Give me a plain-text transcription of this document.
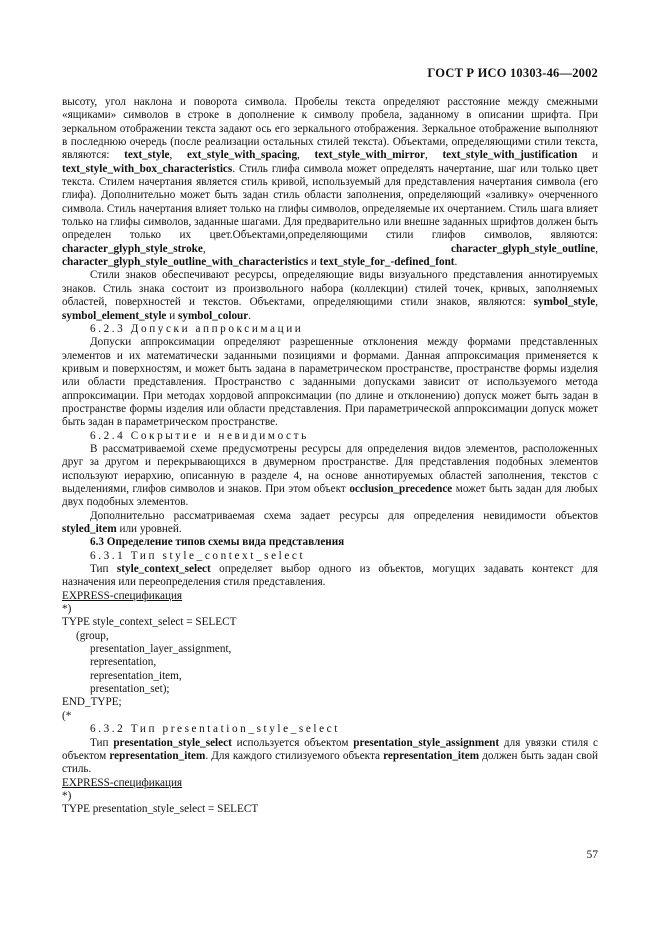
ГОСТ Р ИСО 10303-46—2002

высоту, угол наклона и поворота символа. Пробелы текста определяют расстояние между смежными «ящиками» символов в строке в дополнение к символу пробела, заданному в описании шрифта. При зеркальном отображении текста задают ось его зеркального отображения. Зеркальное отображение выполняют в последнюю очередь (после реализации остальных стилей текста). Объектами, определяющими стили текста, являются: text_style, ext_style_with_spacing, text_style_with_mirror, text_style_with_justification и text_style_with_box_characteristics. Стиль глифа символа может определять начертание, шаг или только цвет текста. Стилем начертания является стиль кривой, используемый для представления начертания символа (его глифа). Дополнительно может быть задан стиль области заполнения, определяющий «заливку» очерченного символа. Стиль начертания влияет только на глифы символов, определяемые их очертанием. Стиль шага влияет только на глифы символов, заданные шагами. Для предварительно или внешне заданных шрифтов должен быть определен только их цвет.Объектами,определяющими стили глифов символов, являются: character_glyph_style_stroke, character_glyph_style_outline, character_glyph_style_outline_with_characteristics и text_style_for_-defined_font.

Стили знаков обеспечивают ресурсы, определяющие виды визуального представления аннотируемых знаков. Стиль знака состоит из произвольного набора (коллекции) стилей точек, кривых, заполняемых областей, поверхностей и текстов. Объектами, определяющими стили знаков, являются: symbol_style, symbol_element_style и symbol_colour.

6.2.3 Допуски аппроксимации

Допуски аппроксимации определяют разрешенные отклонения между формами представленных элементов и их математически заданными позициями и формами. Данная аппроксимация применяется к кривым и поверхностям, и может быть задана в параметрическом пространстве, пространстве формы изделия или области представления. Пространство с заданными допусками зависит от используемого метода аппроксимации. При методах хордовой аппроксимации (по длине и отклонению) допуск может быть задан в пространстве формы изделия или области представления. При параметрической аппроксимации допуск может быть задан в параметрическом пространстве.

6.2.4 Сокрытие и невидимость

В рассматриваемой схеме предусмотрены ресурсы для определения видов элементов, расположенных друг за другом и перекрывающихся в двумерном пространстве. Для представления подобных элементов используют иерархию, описанную в разделе 4, на основе аннотируемых областей заполнения, текстов с выделениями, глифов символов и знаков. При этом объект occlusion_precedence может быть задан для любых двух подобных элементов.

Дополнительно рассматриваемая схема задает ресурсы для определения невидимости объектов styled_item или уровней.

6.3 Определение типов схемы вида представления

6.3.1 Тип style_context_select

Тип style_context_select определяет выбор одного из объектов, могущих задавать контекст для назначения или переопределения стиля представления.

EXPRESS-спецификация

*)

TYPE style_context_select = SELECT

(group,

presentation_layer_assignment,

representation,

representation_item,

presentation_set);

END_TYPE;

(*

6.3.2 Тип presentation_style_select

Тип presentation_style_select используется объектом presentation_style_assignment для увязки стиля с объектом representation_item. Для каждого стилизуемого объекта representation_item должен быть задан свой стиль.

EXPRESS-спецификация

*)

TYPE presentation_style_select = SELECT

57
